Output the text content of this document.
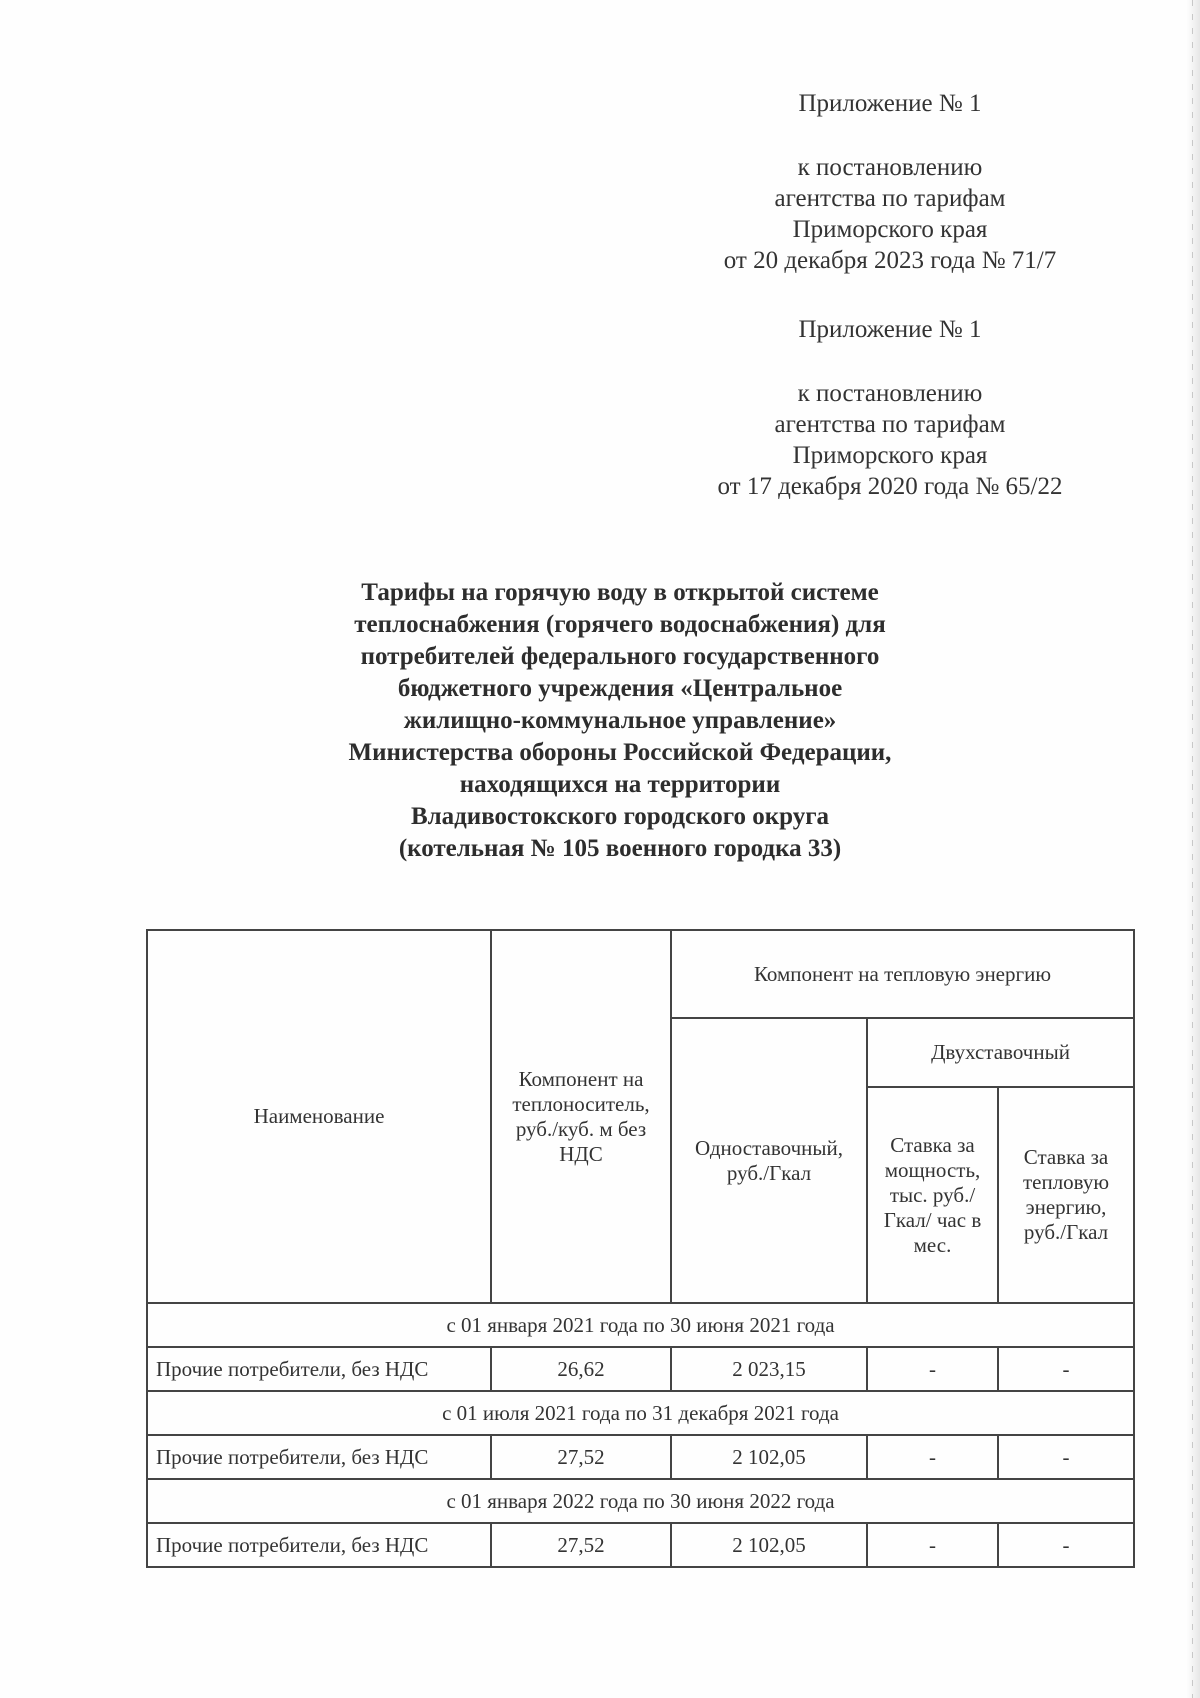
Приложение № 1
к постановлению
агентства по тарифам
Приморского края
от 20 декабря 2023 года № 71/7
Приложение № 1
к постановлению
агентства по тарифам
Приморского края
от 17 декабря 2020 года № 65/22
Тарифы на горячую воду в открытой системе
теплоснабжения (горячего водоснабжения) для
потребителей федерального государственного
бюджетного учреждения «Центральное
жилищно-коммунальное управление»
Министерства обороны Российской Федерации,
находящихся на территории
Владивостокского городского округа
(котельная № 105 военного городка 33)
Наименование	Компонент на теплоноситель, руб./куб. м без НДС	Компонент на тепловую энергию		
		Одноставочный, руб./Гкал	Двухставочный	
			Ставка за мощность, тыс. руб./Гкал/ час в мес.	Ставка за тепловую энергию, руб./Гкал
с 01 января 2021 года по 30 июня 2021 года				
Прочие потребители, без НДС	26,62	2 023,15	-	-
с 01 июля 2021 года по 31 декабря 2021 года				
Прочие потребители, без НДС	27,52	2 102,05	-	-
с 01 января 2022 года по 30 июня 2022 года				
Прочие потребители, без НДС	27,52	2 102,05	-	-
